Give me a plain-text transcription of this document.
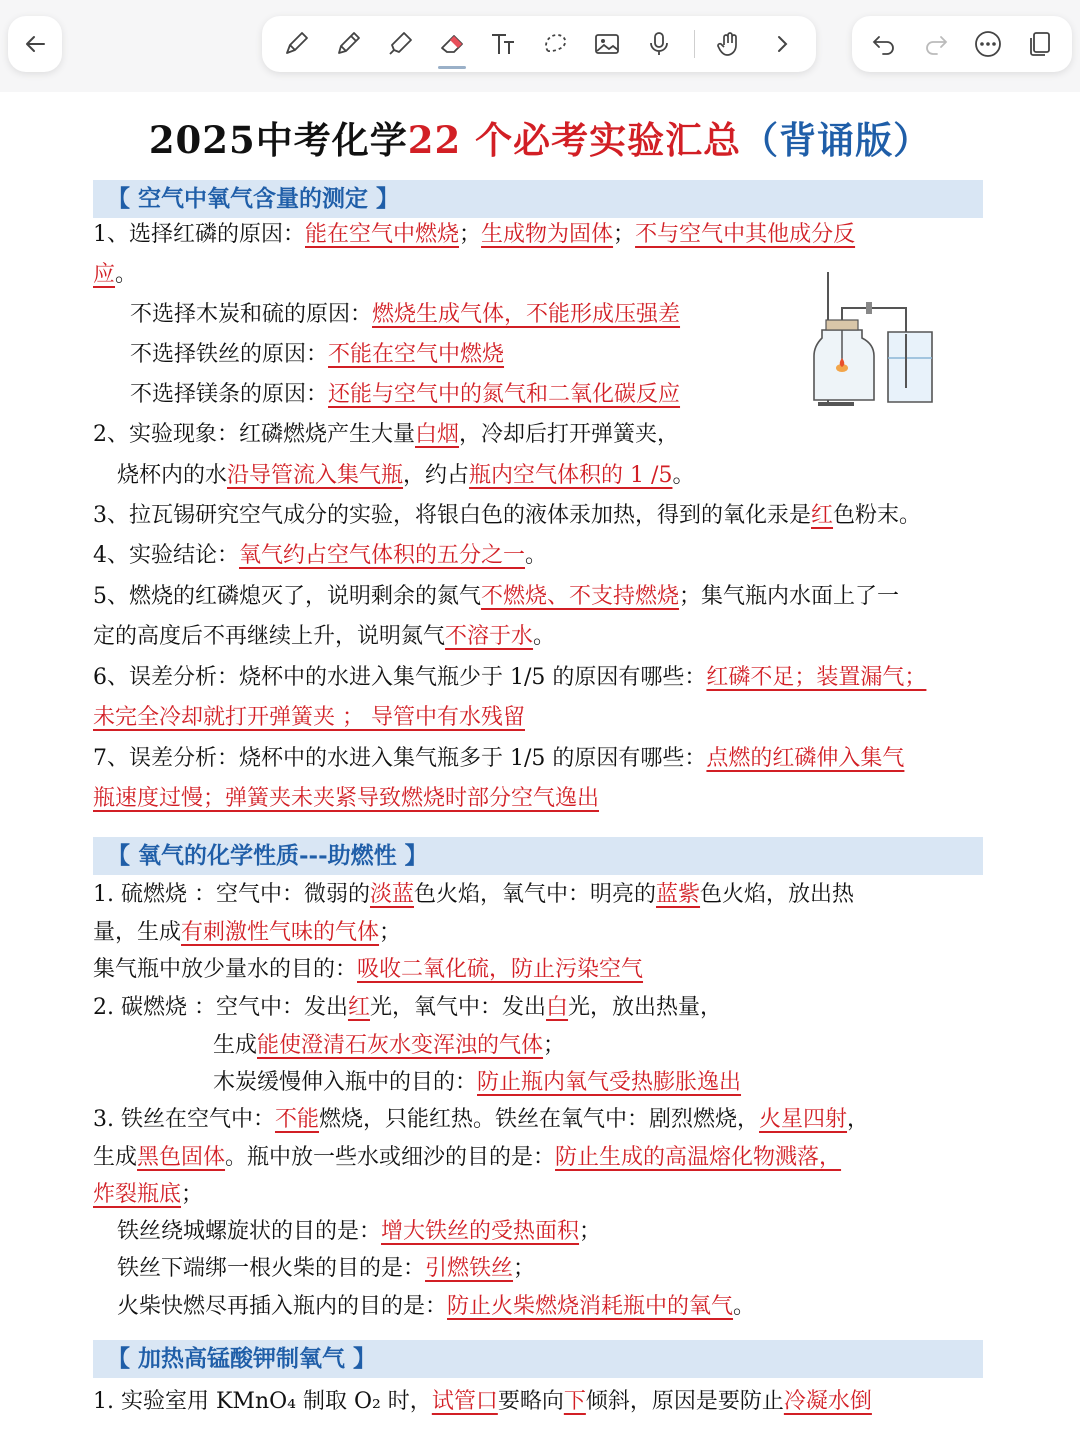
2025中考化学22 个必考实验汇总（背诵版）
【 空气中氧气含量的测定 】
1、选择红磷的原因：能在空气中燃烧；生成物为固体；不与空气中其他成分反
应。
不选择木炭和硫的原因：燃烧生成气体，不能形成压强差
不选择铁丝的原因：不能在空气中燃烧
不选择镁条的原因：还能与空气中的氮气和二氧化碳反应
2、实验现象：红磷燃烧产生大量白烟，冷却后打开弹簧夹，
烧杯内的水沿导管流入集气瓶，约占瓶内空气体积的 1 /5。
3、拉瓦锡研究空气成分的实验，将银白色的液体汞加热，得到的氧化汞是红色粉末。
4、实验结论：氧气约占空气体积的五分之一。
5、燃烧的红磷熄灭了，说明剩余的氮气不燃烧、不支持燃烧；集气瓶内水面上了一
定的高度后不再继续上升，说明氮气不溶于水。
6、误差分析：烧杯中的水进入集气瓶少于 1/5 的原因有哪些：红磷不足；装置漏气；
未完全冷却就打开弹簧夹 ； 导管中有水残留
7、误差分析：烧杯中的水进入集气瓶多于 1/5 的原因有哪些：点燃的红磷伸入集气
瓶速度过慢；弹簧夹未夹紧导致燃烧时部分空气逸出
【 氧气的化学性质---助燃性 】
1. 硫燃烧 ：空气中：微弱的淡蓝色火焰，氧气中：明亮的蓝紫色火焰，放出热
量，生成有刺激性气味的气体；
集气瓶中放少量水的目的：吸收二氧化硫，防止污染空气
2. 碳燃烧 ：空气中：发出红光，氧气中：发出白光，放出热量，
生成能使澄清石灰水变浑浊的气体；
木炭缓慢伸入瓶中的目的：防止瓶内氧气受热膨胀逸出
3. 铁丝在空气中：不能燃烧，只能红热。铁丝在氧气中：剧烈燃烧，火星四射，
生成黑色固体。瓶中放一些水或细沙的目的是：防止生成的高温熔化物溅落，
炸裂瓶底；
铁丝绕城螺旋状的目的是：增大铁丝的受热面积；
铁丝下端绑一根火柴的目的是：引燃铁丝；
火柴快燃尽再插入瓶内的目的是：防止火柴燃烧消耗瓶中的氧气。
【 加热高锰酸钾制氧气 】
1. 实验室用 KMnO₄ 制取 O₂ 时，试管口要略向下倾斜，原因是要防止冷凝水倒
